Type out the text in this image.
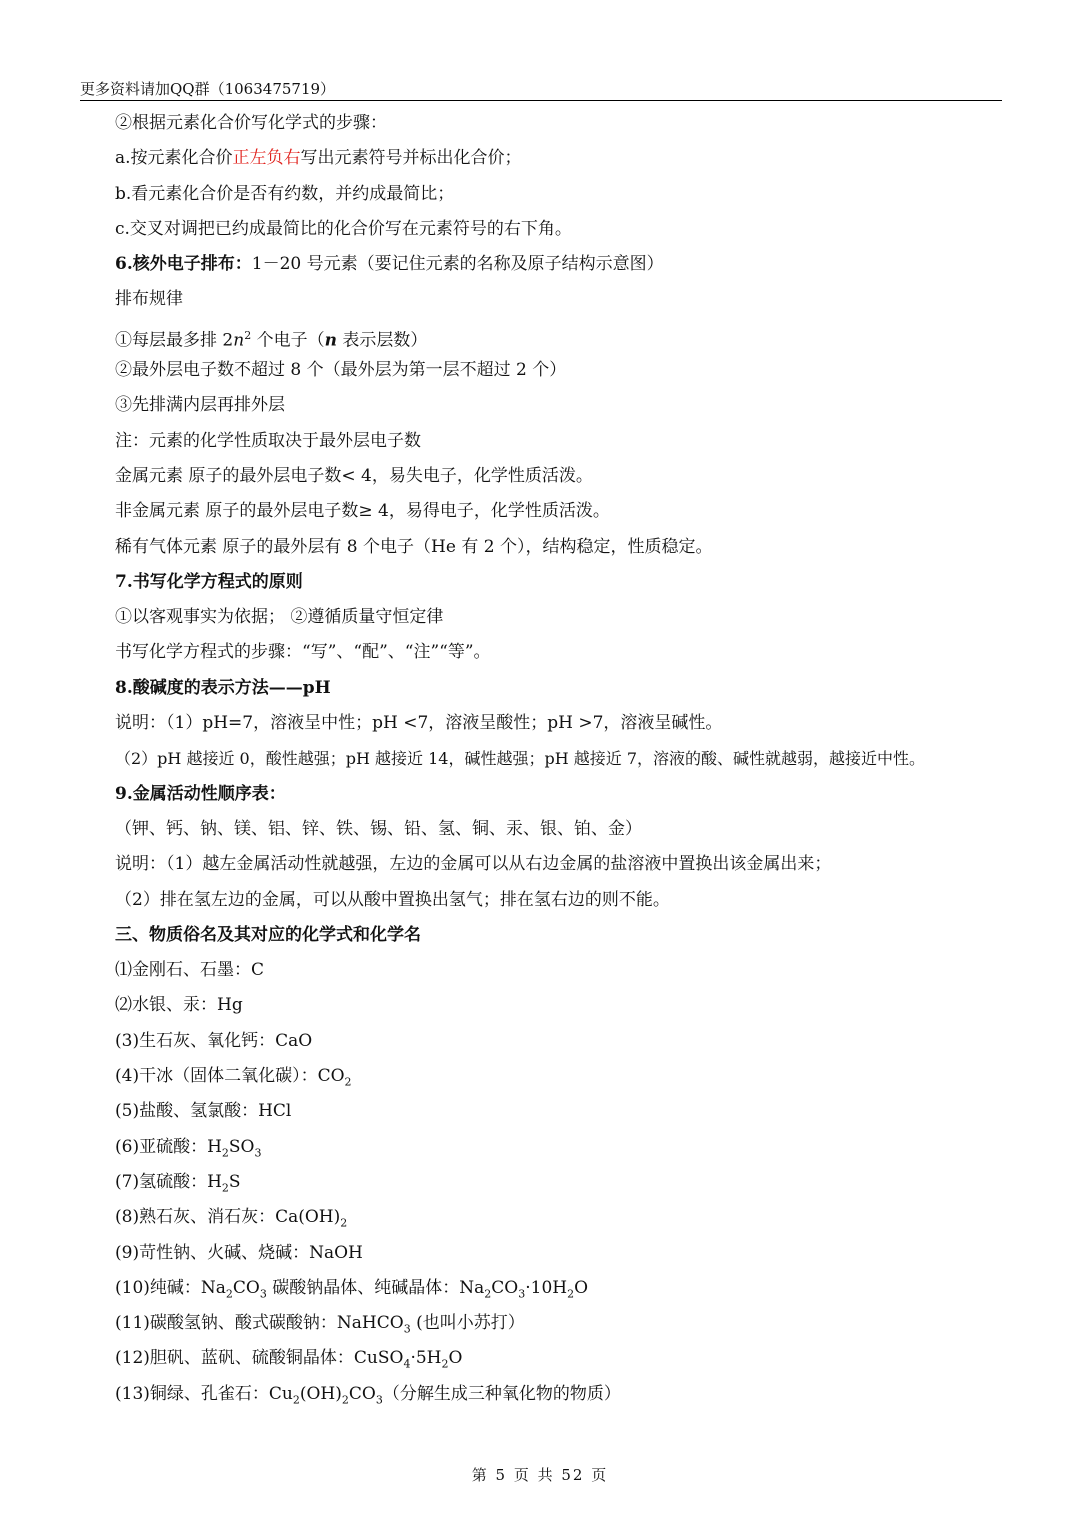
更多资料请加QQ群（1063475719）
②根据元素化合价写化学式的步骤：
a.按元素化合价正左负右写出元素符号并标出化合价；
b.看元素化合价是否有约数，并约成最简比；
c.交叉对调把已约成最简比的化合价写在元素符号的右下角。
6.核外电子排布：1－20 号元素（要记住元素的名称及原子结构示意图）
排布规律
①每层最多排 $2n^2$ 个电子（n 表示层数）
②最外层电子数不超过 8 个（最外层为第一层不超过 2 个）
③先排满内层再排外层
注：元素的化学性质取决于最外层电子数
金属元素 原子的最外层电子数< 4，易失电子，化学性质活泼。
非金属元素 原子的最外层电子数≥ 4，易得电子，化学性质活泼。
稀有气体元素 原子的最外层有 8 个电子（He 有 2 个），结构稳定，性质稳定。
7.书写化学方程式的原则
①以客观事实为依据； ②遵循质量守恒定律
书写化学方程式的步骤：“写”、“配”、“注”“等”。
8.酸碱度的表示方法——pH
说明：（1）pH=7，溶液呈中性；pH <7，溶液呈酸性；pH >7，溶液呈碱性。
（2）pH 越接近 0，酸性越强；pH 越接近 14，碱性越强；pH 越接近 7，溶液的酸、碱性就越弱，越接近中性。
9.金属活动性顺序表：
（钾、钙、钠、镁、铝、锌、铁、锡、铅、氢、铜、汞、银、铂、金）
说明：（1）越左金属活动性就越强，左边的金属可以从右边金属的盐溶液中置换出该金属出来；
（2）排在氢左边的金属，可以从酸中置换出氢气；排在氢右边的则不能。
三、物质俗名及其对应的化学式和化学名
⑴金刚石、石墨：C
⑵水银、汞：Hg
(3)生石灰、氧化钙：CaO
(4)干冰（固体二氧化碳）：$CO_2$
(5)盐酸、氢氯酸：HCl
(6)亚硫酸：$H_2SO_3$
(7)氢硫酸：$H_2S$
(8)熟石灰、消石灰：$Ca(OH)_2$
(9)苛性钠、火碱、烧碱：NaOH
(10)纯碱：$Na_2CO_3$ 碳酸钠晶体、纯碱晶体：$Na_2CO_3\cdot 10H_2O$
(11)碳酸氢钠、酸式碳酸钠：NaHCO$_3$ (也叫小苏打）
(12)胆矾、蓝矾、硫酸铜晶体：$CuSO_4\cdot 5H_2O$
(13)铜绿、孔雀石：$Cu_2(OH)_2CO_3$（分解生成三种氧化物的物质）
第 5 页 共 52 页
